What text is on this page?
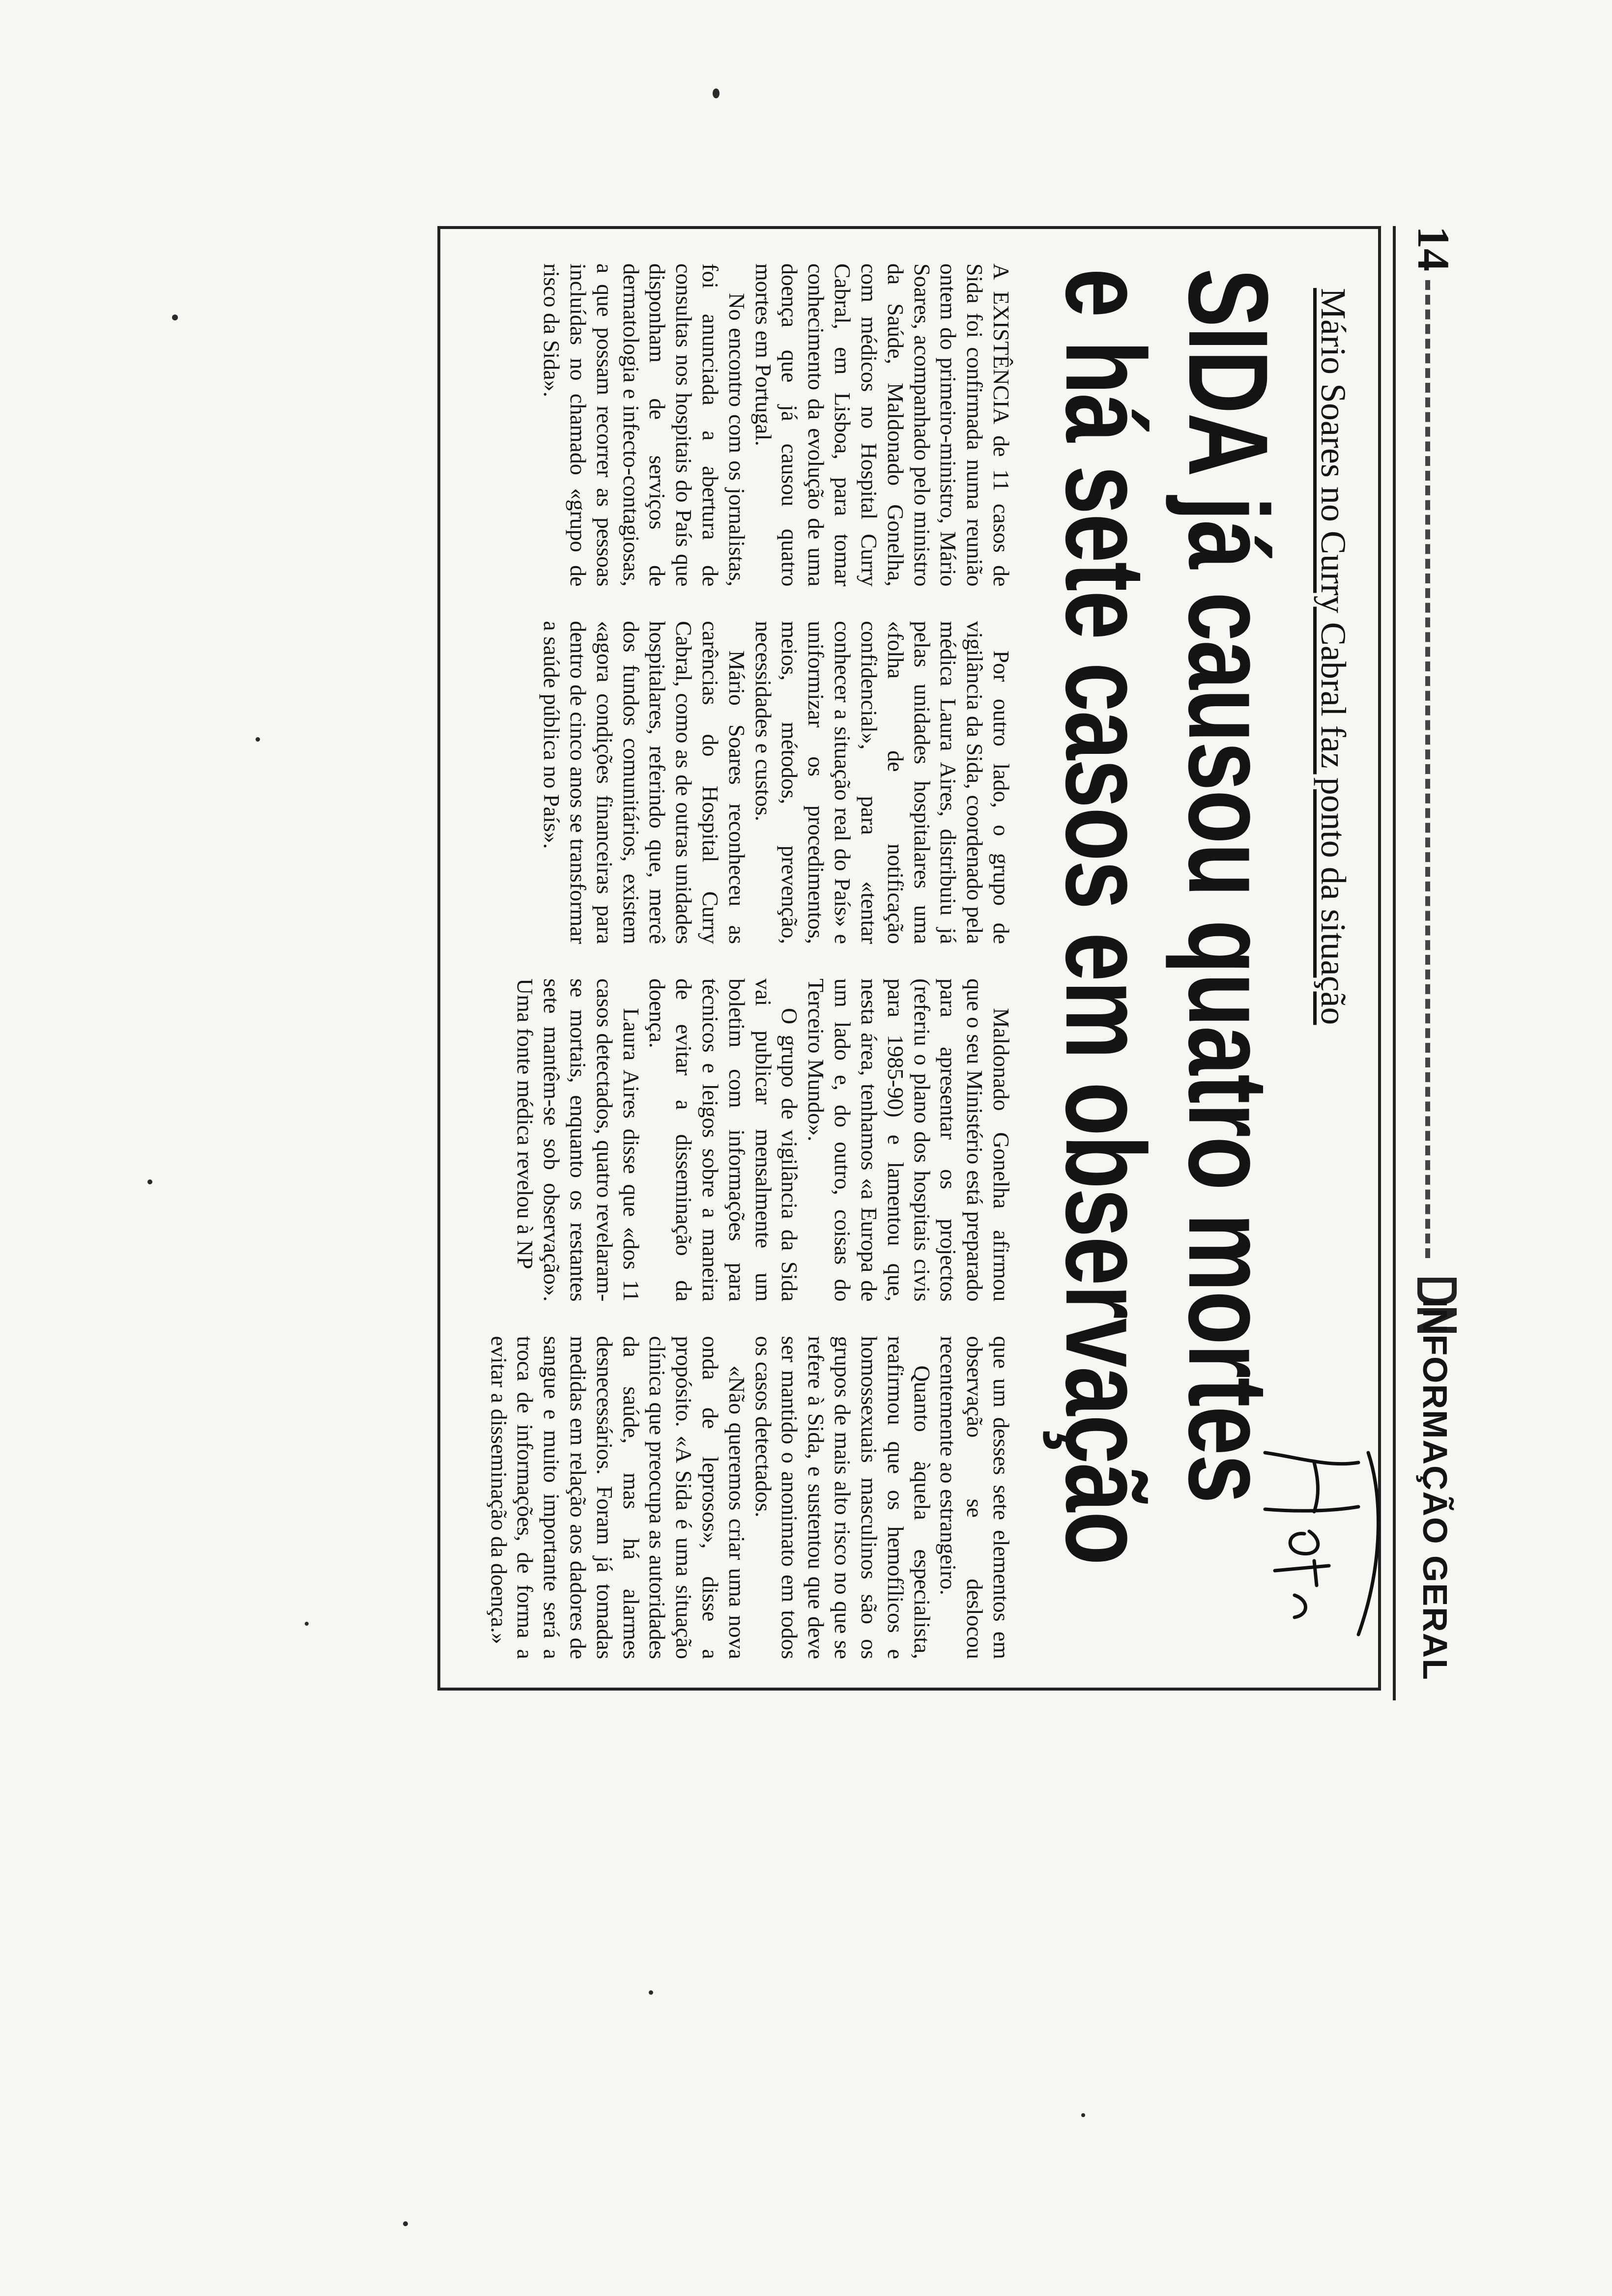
14
INFORMAÇÃO GERAL
Mário Soares no Curry Cabral faz ponto da situação
Hoticm?
SIDA já causou quatro mortes
e há sete casos em observação

A EXISTÊNCIA de 11 casos de Sida foi confirmada numa reunião ontem do primeiro-ministro, Mário Soares, acompanhado pelo ministro da Saúde, Maldonado Gonelha, com médicos no Hospital Curry Cabral, em Lisboa, para tomar conhecimento da evolução de uma doença que já causou quatro mortes em Portugal.

No encontro com os jornalistas, foi anunciada a abertura de consultas nos hospitais do País que disponham de serviços de dermatologia e infecto-contagiosas, a que possam recorrer as pessoas incluídas no chamado «grupo de risco da Sida».

Por outro lado, o grupo de vigilância da Sida, coordenado pela médica Laura Aires, distribuiu já pelas unidades hospitalares uma «folha de notificação confidencial», para «tentar conhecer a situação real do País» e uniformizar os procedimentos, meios, métodos, prevenção, necessidades e custos.

Mário Soares reconheceu as carências do Hospital Curry Cabral, como as de outras unidades hospitalares, referindo que, mercê dos fundos comunitários, existem «agora condições financeiras para dentro de cinco anos se transformar a saúde pública no País».

Maldonado Gonelha afirmou que o seu Ministério está preparado para apresentar os projectos (referiu o plano dos hospitais civis para 1985-90) e lamentou que, nesta área, tenhamos «a Europa de um lado e, do outro, coisas do Terceiro Mundo».

O grupo de vigilância da Sida vai publicar mensalmente um boletim com informações para técnicos e leigos sobre a maneira de evitar a disseminação da doença.

Laura Aires disse que «dos 11 casos detectados, quatro revelaram-se mortais, enquanto os restantes sete mantêm-se sob observação». Uma fonte médica revelou à NP

que um desses sete elementos em observação se deslocou recentemente ao estrangeiro.

Quanto àquela especialista, reafirmou que os hemofílicos e homossexuais masculinos são os grupos de mais alto risco no que se refere à Sida, e sustentou que deve ser mantido o anonimato em todos os casos detectados.

«Não queremos criar uma nova onda de leprosos», disse a propósito. «A Sida é uma situação clínica que preocupa as autoridades da saúde, mas há alarmes desnecessários. Foram já tomadas medidas em relação aos dadores de sangue e muito importante será a troca de informações, de forma a evitar a disseminação da doença.»
